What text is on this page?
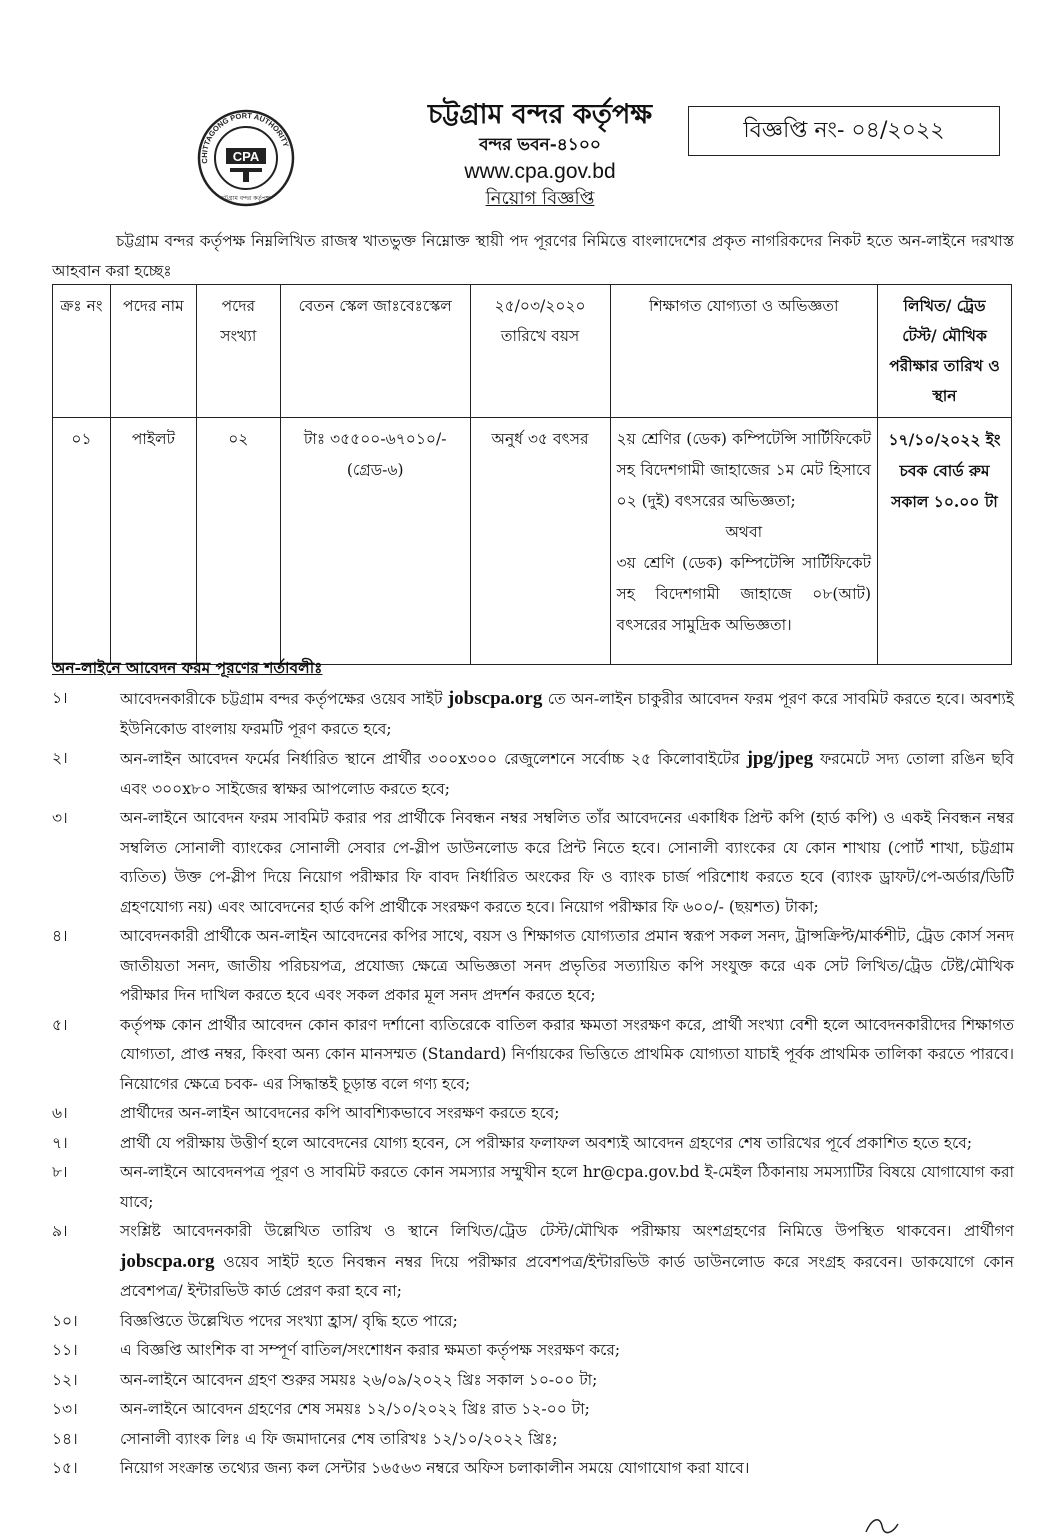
CHITTAGONG PORT AUTHORITY
CPA
চট্টগ্রাম বন্দর কর্তৃপক্ষ
চট্টগ্রাম বন্দর কর্তৃপক্ষ
বন্দর ভবন-৪১০০
www.cpa.gov.bd
নিয়োগ বিজ্ঞপ্তি
বিজ্ঞপ্তি নং- ০৪/২০২২
চট্টগ্রাম বন্দর কর্তৃপক্ষ নিম্নলিখিত রাজস্ব খাতভুক্ত নিম্নোক্ত স্থায়ী পদ পূরণের নিমিত্তে বাংলাদেশের প্রকৃত নাগরিকদের নিকট হতে অন-লাইনে দরখাস্ত আহবান করা হচ্ছেঃ
ক্রঃ নং	পদের নাম	পদের সংখ্যা	বেতন স্কেল জাঃবেঃস্কেল	২৫/০৩/২০২০ তারিখে বয়স	শিক্ষাগত যোগ্যতা ও অভিজ্ঞতা	লিখিত/ ট্রেড টেস্ট/ মৌখিক পরীক্ষার তারিখ ও স্থান
০১	পাইলট	০২	টাঃ ৩৫৫০০-৬৭০১০/- (গ্রেড-৬)	অনুর্ধ ৩৫ বৎসর	২য় শ্রেণির (ডেক) কম্পিটেন্সি সার্টিফিকেট সহ বিদেশগামী জাহাজের ১ম মেট হিসাবে ০২ (দুই) বৎসরের অভিজ্ঞতা;
অথবা
৩য় শ্রেণি (ডেক) কম্পিটেন্সি সার্টিফিকেট সহ বিদেশগামী জাহাজে ০৮(আট) বৎসরের সামুদ্রিক অভিজ্ঞতা।	১৭/১০/২০২২ ইং চবক বোর্ড রুম সকাল ১০.০০ টা
অন-লাইনে আবেদন ফরম পূরণের শর্তাবলীঃ
১।	আবেদনকারীকে চট্টগ্রাম বন্দর কর্তৃপক্ষের ওয়েব সাইট jobscpa.org তে অন-লাইন চাকুরীর আবেদন ফরম পূরণ করে সাবমিট করতে হবে। অবশ্যই ইউনিকোড বাংলায় ফরমটি পূরণ করতে হবে;
২।	অন-লাইন আবেদন ফর্মের নির্ধারিত স্থানে প্রার্থীর ৩০০x৩০০ রেজুলেশনে সর্বোচ্চ ২৫ কিলোবাইটের jpg/jpeg ফরমেটে সদ্য তোলা রঙিন ছবি এবং ৩০০x৮০ সাইজের স্বাক্ষর আপলোড করতে হবে;
৩।	অন-লাইনে আবেদন ফরম সাবমিট করার পর প্রার্থীকে নিবন্ধন নম্বর সম্বলিত তাঁর আবেদনের একাধিক প্রিন্ট কপি (হার্ড কপি) ও একই নিবন্ধন নম্বর সম্বলিত সোনালী ব্যাংকের সোনালী সেবার পে-স্লীপ ডাউনলোড করে প্রিন্ট নিতে হবে। সোনালী ব্যাংকের যে কোন শাখায় (পোর্ট শাখা, চট্টগ্রাম ব্যতিত) উক্ত পে-স্লীপ দিয়ে নিয়োগ পরীক্ষার ফি বাবদ নির্ধারিত অংকের ফি ও ব্যাংক চার্জ পরিশোধ করতে হবে (ব্যাংক ড্রাফট/পে-অর্ডার/ডিটি গ্রহণযোগ্য নয়) এবং আবেদনের হার্ড কপি প্রার্থীকে সংরক্ষণ করতে হবে। নিয়োগ পরীক্ষার ফি ৬০০/- (ছয়শত) টাকা;
৪।	আবেদনকারী প্রার্থীকে অন-লাইন আবেদনের কপির সাথে, বয়স ও শিক্ষাগত যোগ্যতার প্রমান স্বরূপ সকল সনদ, ট্রান্সক্রিপ্ট/মার্কশীট, ট্রেড কোর্স সনদ জাতীয়তা সনদ, জাতীয় পরিচয়পত্র, প্রযোজ্য ক্ষেত্রে অভিজ্ঞতা সনদ প্রভৃতির সত্যায়িত কপি সংযুক্ত করে এক সেট লিখিত/ট্রেড টেষ্ট/মৌখিক পরীক্ষার দিন দাখিল করতে হবে এবং সকল প্রকার মূল সনদ প্রদর্শন করতে হবে;
৫।	কর্তৃপক্ষ কোন প্রার্থীর আবেদন কোন কারণ দর্শানো ব্যতিরেকে বাতিল করার ক্ষমতা সংরক্ষণ করে, প্রার্থী সংখ্যা বেশী হলে আবেদনকারীদের শিক্ষাগত যোগ্যতা, প্রাপ্ত নম্বর, কিংবা অন্য কোন মানসম্মত (Standard) নির্ণায়কের ভিত্তিতে প্রাথমিক যোগ্যতা যাচাই পূর্বক প্রাথমিক তালিকা করতে পারবে। নিয়োগের ক্ষেত্রে চবক- এর সিদ্ধান্তই চূড়ান্ত বলে গণ্য হবে;
৬।	প্রার্থীদের অন-লাইন আবেদনের কপি আবশ্যিকভাবে সংরক্ষণ করতে হবে;
৭।	প্রার্থী যে পরীক্ষায় উত্তীর্ণ হলে আবেদনের যোগ্য হবেন, সে পরীক্ষার ফলাফল অবশ্যই আবেদন গ্রহণের শেষ তারিখের পূর্বে প্রকাশিত হতে হবে;
৮।	অন-লাইনে আবেদনপত্র পূরণ ও সাবমিট করতে কোন সমস্যার সম্মুখীন হলে hr@cpa.gov.bd ই-মেইল ঠিকানায় সমস্যাটির বিষয়ে যোগাযোগ করা যাবে;
৯।	সংশ্লিষ্ট আবেদনকারী উল্লেখিত তারিখ ও স্থানে লিখিত/ট্রেড টেস্ট/মৌখিক পরীক্ষায় অংশগ্রহণের নিমিত্তে উপস্থিত থাকবেন। প্রার্থীগণ jobscpa.org ওয়েব সাইট হতে নিবন্ধন নম্বর দিয়ে পরীক্ষার প্রবেশপত্র/ইন্টারভিউ কার্ড ডাউনলোড করে সংগ্রহ করবেন। ডাকযোগে কোন প্রবেশপত্র/ ইন্টারভিউ কার্ড প্রেরণ করা হবে না;
১০।	বিজ্ঞপ্তিতে উল্লেখিত পদের সংখ্যা হ্রাস/ বৃদ্ধি হতে পারে;
১১।	এ বিজ্ঞপ্তি আংশিক বা সম্পূর্ণ বাতিল/সংশোধন করার ক্ষমতা কর্তৃপক্ষ সংরক্ষণ করে;
১২।	অন-লাইনে আবেদন গ্রহণ শুরুর সময়ঃ ২৬/০৯/২০২২ খ্রিঃ সকাল ১০-০০ টা;
১৩।	অন-লাইনে আবেদন গ্রহণের শেষ সময়ঃ ১২/১০/২০২২ খ্রিঃ রাত ১২-০০ টা;
১৪।	সোনালী ব্যাংক লিঃ এ ফি জমাদানের শেষ তারিখঃ ১২/১০/২০২২ খ্রিঃ;
১৫।	নিয়োগ সংক্রান্ত তথ্যের জন্য কল সেন্টার ১৬৫৬৩ নম্বরে অফিস চলাকালীন সময়ে যোগাযোগ করা যাবে।
